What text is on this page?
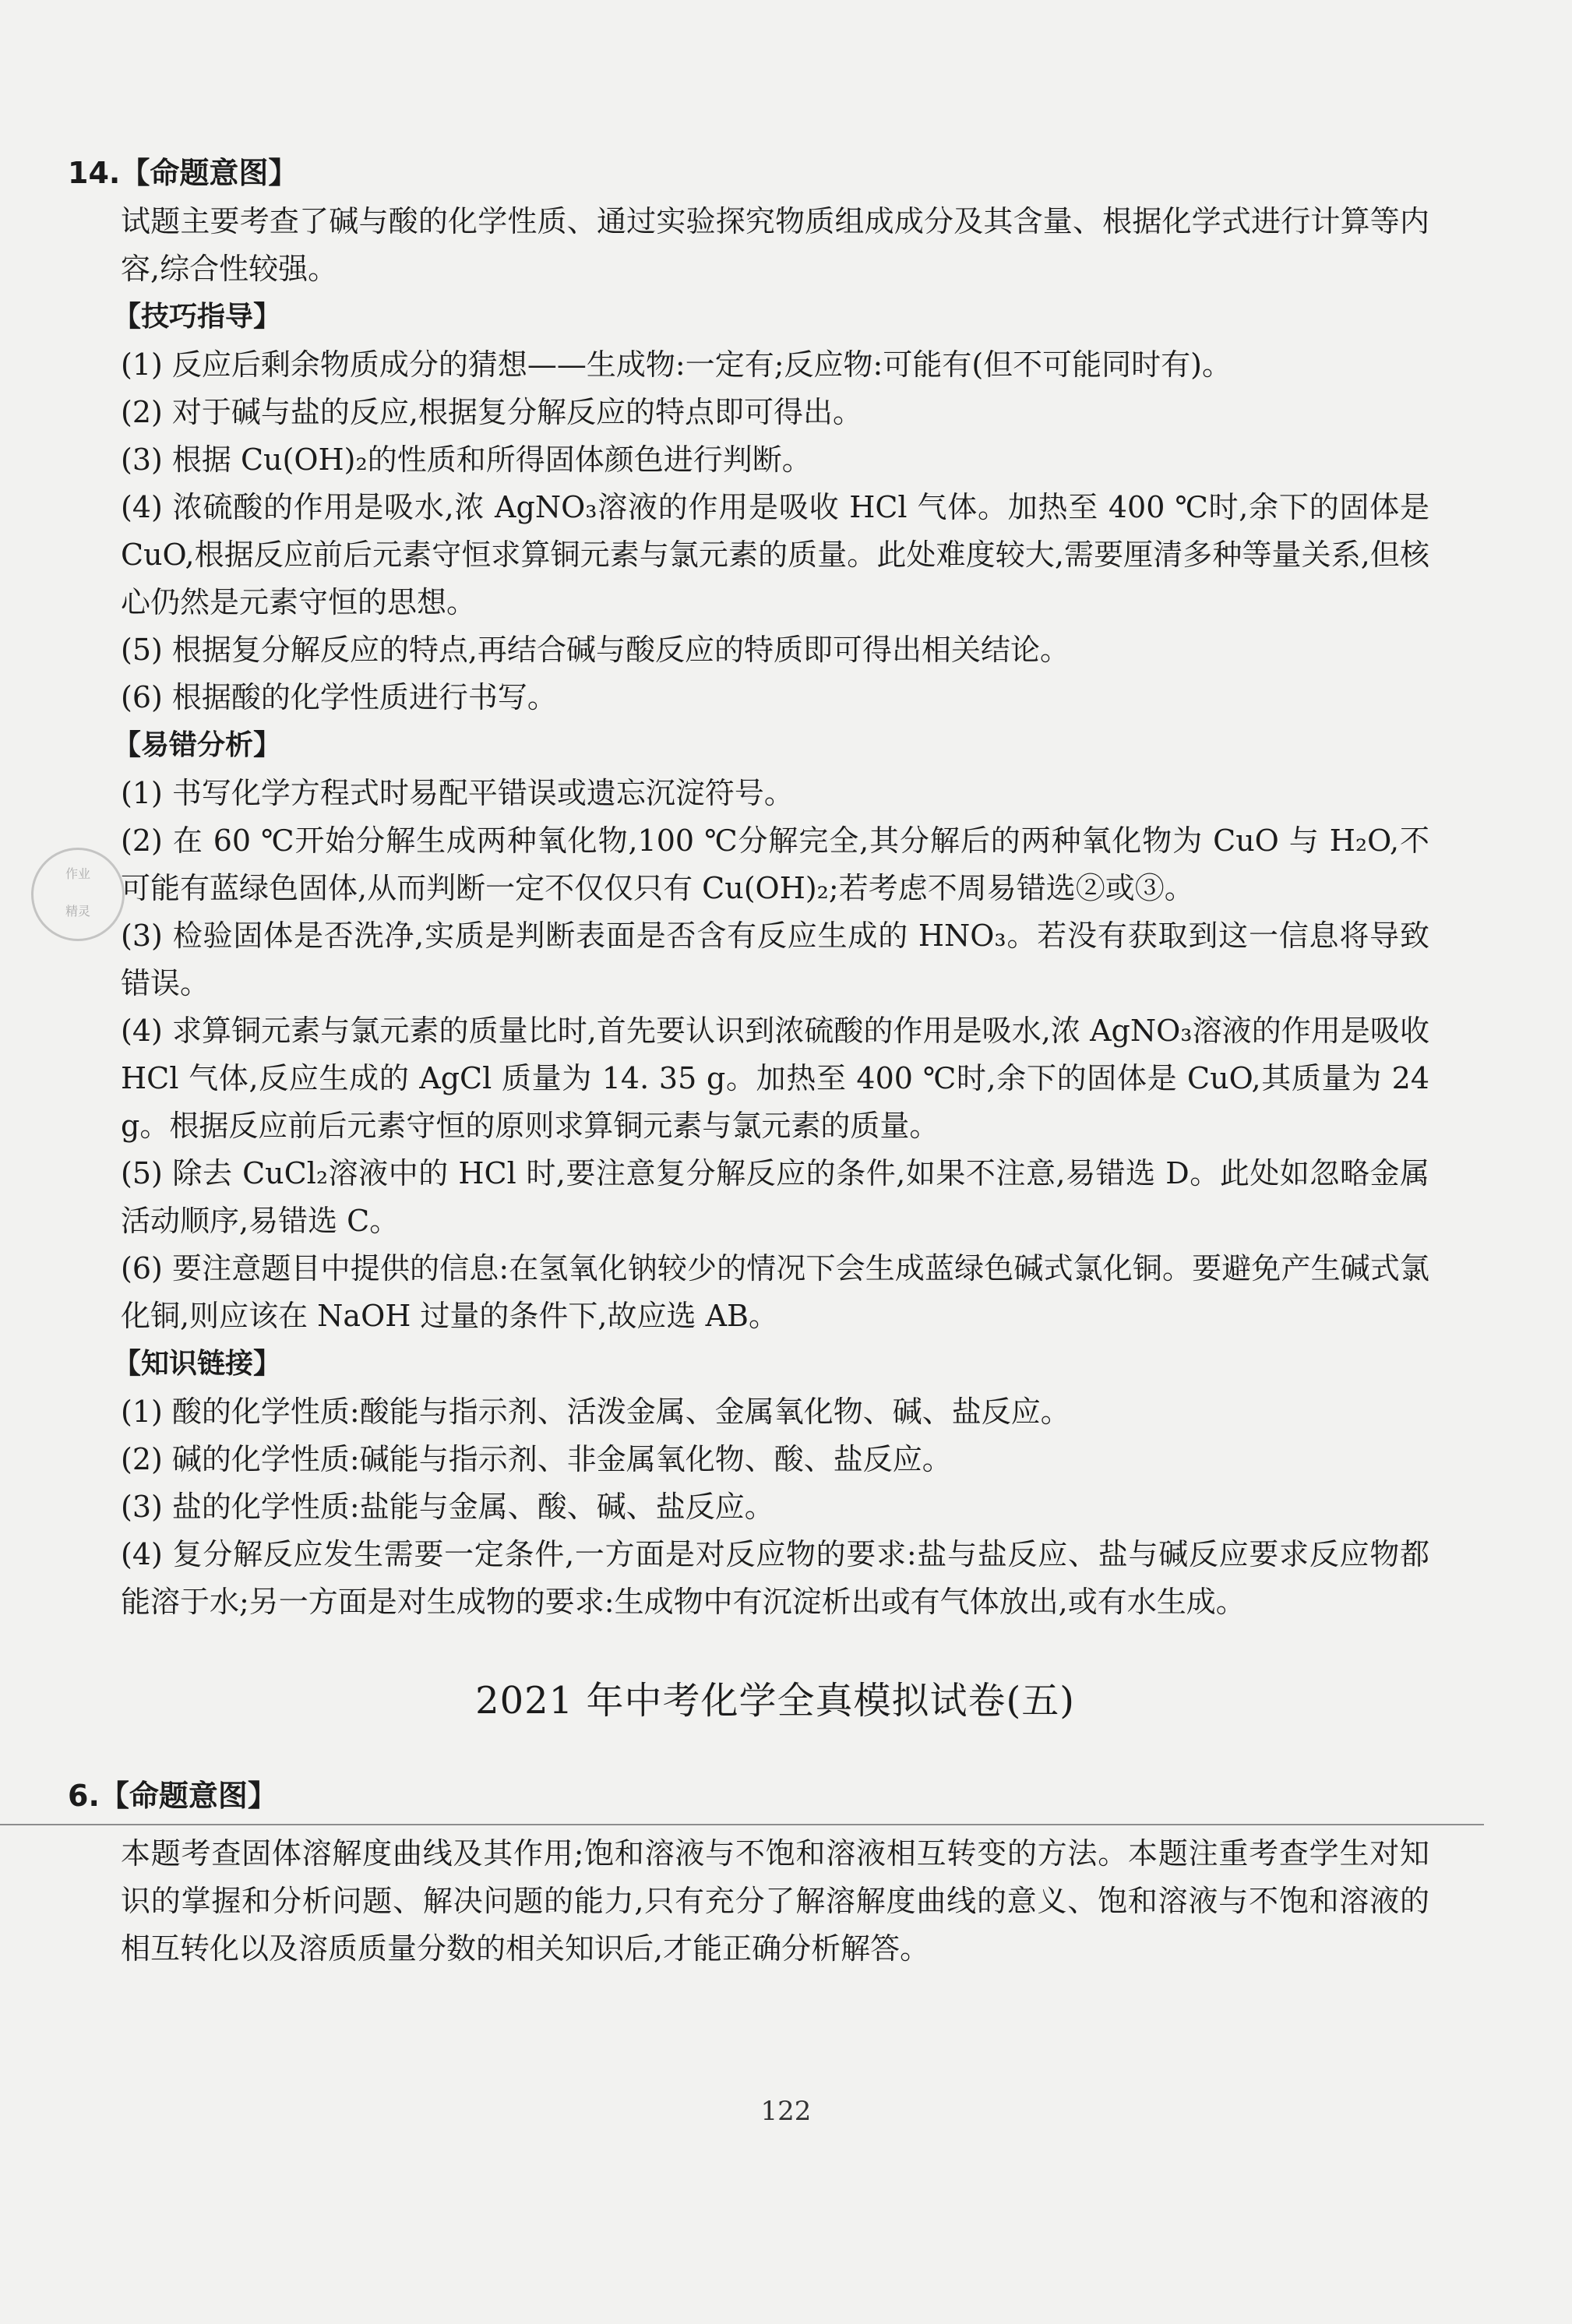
作业
精灵
14.【命题意图】

试题主要考查了碱与酸的化学性质、通过实验探究物质组成成分及其含量、根据化学式进行计算等内容,综合性较强。

【技巧指导】

(1) 反应后剩余物质成分的猜想——生成物:一定有;反应物:可能有(但不可能同时有)。

(2) 对于碱与盐的反应,根据复分解反应的特点即可得出。

(3) 根据 Cu(OH)₂的性质和所得固体颜色进行判断。

(4) 浓硫酸的作用是吸水,浓 AgNO₃溶液的作用是吸收 HCl 气体。加热至 400 ℃时,余下的固体是 CuO,根据反应前后元素守恒求算铜元素与氯元素的质量。此处难度较大,需要厘清多种等量关系,但核心仍然是元素守恒的思想。

(5) 根据复分解反应的特点,再结合碱与酸反应的特质即可得出相关结论。

(6) 根据酸的化学性质进行书写。

【易错分析】

(1) 书写化学方程式时易配平错误或遗忘沉淀符号。

(2) 在 60 ℃开始分解生成两种氧化物,100 ℃分解完全,其分解后的两种氧化物为 CuO 与 H₂O,不可能有蓝绿色固体,从而判断一定不仅仅只有 Cu(OH)₂;若考虑不周易错选②或③。

(3) 检验固体是否洗净,实质是判断表面是否含有反应生成的 HNO₃。若没有获取到这一信息将导致错误。

(4) 求算铜元素与氯元素的质量比时,首先要认识到浓硫酸的作用是吸水,浓 AgNO₃溶液的作用是吸收 HCl 气体,反应生成的 AgCl 质量为 14. 35 g。加热至 400 ℃时,余下的固体是 CuO,其质量为 24 g。根据反应前后元素守恒的原则求算铜元素与氯元素的质量。

(5) 除去 CuCl₂溶液中的 HCl 时,要注意复分解反应的条件,如果不注意,易错选 D。此处如忽略金属活动顺序,易错选 C。

(6) 要注意题目中提供的信息:在氢氧化钠较少的情况下会生成蓝绿色碱式氯化铜。要避免产生碱式氯化铜,则应该在 NaOH 过量的条件下,故应选 AB。

【知识链接】

(1) 酸的化学性质:酸能与指示剂、活泼金属、金属氧化物、碱、盐反应。

(2) 碱的化学性质:碱能与指示剂、非金属氧化物、酸、盐反应。

(3) 盐的化学性质:盐能与金属、酸、碱、盐反应。

(4) 复分解反应发生需要一定条件,一方面是对反应物的要求:盐与盐反应、盐与碱反应要求反应物都能溶于水;另一方面是对生成物的要求:生成物中有沉淀析出或有气体放出,或有水生成。

2021 年中考化学全真模拟试卷(五)
6.【命题意图】

本题考查固体溶解度曲线及其作用;饱和溶液与不饱和溶液相互转变的方法。本题注重考查学生对知识的掌握和分析问题、解决问题的能力,只有充分了解溶解度曲线的意义、饱和溶液与不饱和溶液的相互转化以及溶质质量分数的相关知识后,才能正确分析解答。

122
